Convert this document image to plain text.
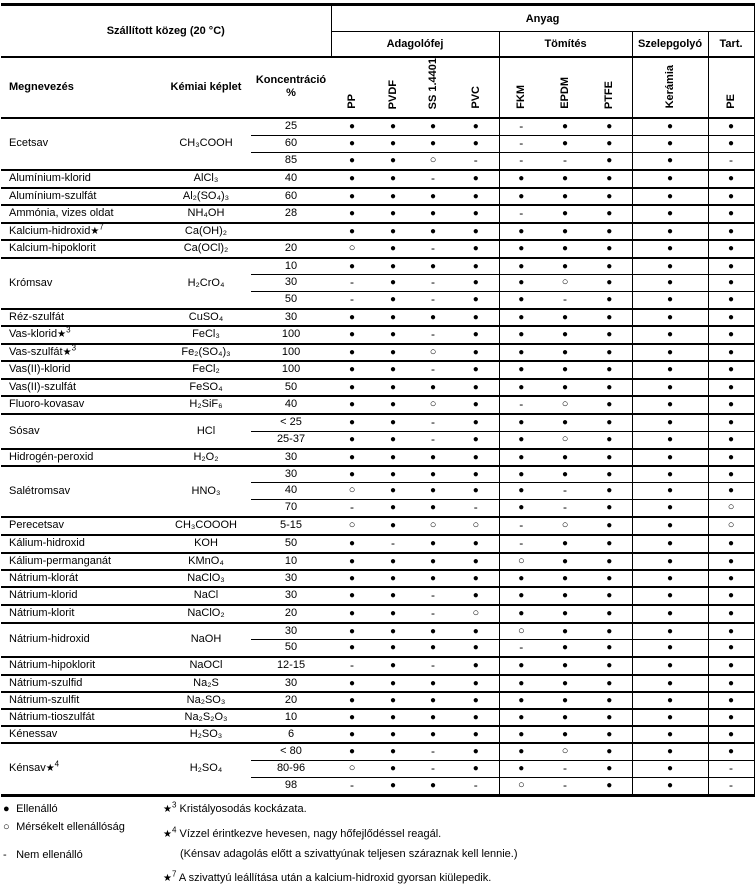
Szállított közeg (20 °C)			Anyag								
			Adagolófej				Tömítés			Szelepgolyó	Tart.
Megnevezés	Kémiai képlet	Koncentráció
%	PP	PVDF	SS 1.4401	PVC	FKM	EPDM	PTFE	Kerámia	PE
Ecetsav	CH₃COOH	25	●	●	●	●	-	●	●	●	●
		60	●	●	●	●	-	●	●	●	●
		85	●	●	○	-	-	-	●	●	-
Alumínium-klorid	AlCl₃	40	●	●	-	●	●	●	●	●	●
Alumínium-szulfát	Al₂(SO₄)₃	60	●	●	●	●	●	●	●	●	●
Ammónia, vizes oldat	NH₄OH	28	●	●	●	●	-	●	●	●	●
Kalcium-hidroxid★$^7$	Ca(OH)₂		●	●	●	●	●	●	●	●	●
Kalcium-hipoklorit	Ca(OCl)₂	20	○	●	-	●	●	●	●	●	●
Krómsav	H₂CrO₄	10	●	●	●	●	●	●	●	●	●
		30	-	●	-	●	●	○	●	●	●
		50	-	●	-	●	●	-	●	●	●
Réz-szulfát	CuSO₄	30	●	●	●	●	●	●	●	●	●
Vas-klorid★$^3$	FeCl₃	100	●	●	-	●	●	●	●	●	●
Vas-szulfát★$^3$	Fe₂(SO₄)₃	100	●	●	○	●	●	●	●	●	●
Vas(II)-klorid	FeCl₂	100	●	●	-	●	●	●	●	●	●
Vas(II)-szulfát	FeSO₄	50	●	●	●	●	●	●	●	●	●
Fluoro-kovasav	H₂SiF₆	40	●	●	○	●	-	○	●	●	●
Sósav	HCl	< 25	●	●	-	●	●	●	●	●	●
		25-37	●	●	-	●	●	○	●	●	●
Hidrogén-peroxid	H₂O₂	30	●	●	●	●	●	●	●	●	●
Salétromsav	HNO₃	30	●	●	●	●	●	●	●	●	●
		40	○	●	●	●	●	-	●	●	●
		70	-	●	●	-	●	-	●	●	○
Perecetsav	CH₃COOOH	5-15	○	●	○	○	-	○	●	●	○
Kálium-hidroxid	KOH	50	●	-	●	●	-	●	●	●	●
Kálium-permanganát	KMnO₄	10	●	●	●	●	○	●	●	●	●
Nátrium-klorát	NaClO₃	30	●	●	●	●	●	●	●	●	●
Nátrium-klorid	NaCl	30	●	●	-	●	●	●	●	●	●
Nátrium-klorit	NaClO₂	20	●	●	-	○	●	●	●	●	●
Nátrium-hidroxid	NaOH	30	●	●	●	●	○	●	●	●	●
		50	●	●	●	●	-	●	●	●	●
Nátrium-hipoklorit	NaOCl	12-15	-	●	-	●	●	●	●	●	●
Nátrium-szulfid	Na₂S	30	●	●	●	●	●	●	●	●	●
Nátrium-szulfit	Na₂SO₃	20	●	●	●	●	●	●	●	●	●
Nátrium-tioszulfát	Na₂S₂O₃	10	●	●	●	●	●	●	●	●	●
Kénessav	H₂SO₃	6	●	●	●	●	●	●	●	●	●
Kénsav★$^4$	H₂SO₄	< 80	●	●	-	●	●	○	●	●	●
		80-96	○	●	-	●	●	-	●	●	-
		98	-	●	●	-	○	-	●	●	-
● Ellenálló
○ Mérsékelt ellenállóság
- Nem ellenálló
★$^3$ Kristályosodás kockázata.
★$^4$ Vízzel érintkezve hevesen, nagy hőfejlődéssel reagál.
(Kénsav adagolás előtt a szivattyúnak teljesen száraznak kell lennie.)
★$^7$ A szivattyú leállítása után a kalcium-hidroxid gyorsan kiülepedik.
